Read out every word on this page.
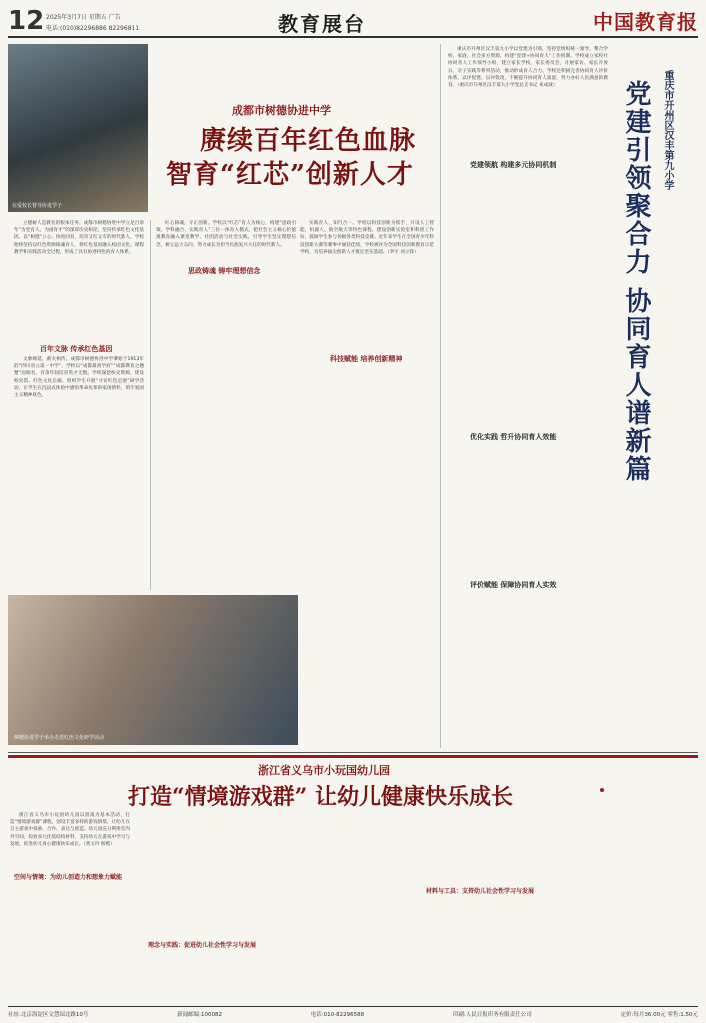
12 2025年3月7日 星期五 广告
电话:(010)82296886 82296811	教育展台	中国教育报
在爱校长督导协进学子
成都市树德协进中学
赓续百年红色血脉
智育“红芯”创新人才

立德树人是教育的根本任务。成都市树德协进中学立足百余年“为党育人、为国育才”的深厚历史积淀，坚持传承红色文化基因，以“树德”立心、协进同育，培育又红又专的时代新人。学校始终坚持以红色资源铸魂育人，将红色基因融入校园文化、课程教学和实践活动全过程，形成了具有协进特色的育人体系。

百年文脉 传承红色基因

文脉绵延，薪火相传。成都市树德协进中学肇始于1913年的“四川省立第一中学”，学校以“成都最高学府”“成都教育之翘楚”而闻名，百余年间培育英才无数。学校深挖校史资源，建设校史馆、红色文化长廊，组织学生开展“寻访红色足迹”研学活动，让学生在沉浸式体验中感悟革命先辈的家国情怀，筑牢爱国主义精神底色。

红心铸魂，守正创新。学校以“红芯”育人为核心，构建“思政引领、学科融合、实践育人”三位一体育人模式，把社会主义核心价值观教育融入课堂教学、社团活动与社会实践，引导学生坚定理想信念，树立远大志向，努力成长为担当民族复兴大任的时代新人。

思政铸魂 铸牢理想信念

实践育人，知行合一。学校以科技创新为抓手，开设人工智能、机器人、航空航天等特色课程，建设创新实验室和科创工作坊，鼓励学生参与各级各类科技竞赛。近年来学生在全国青少年科技创新大赛等赛事中屡获佳绩，学校被评为全国科技创新教育示范学校，为培养拔尖创新人才奠定坚实基础。（李宇 刘立锋）

科技赋能 培养创新精神
树德协进学子举办走进红色文化研学活动
重庆市开州区汉丰第九小学
党建引领聚合力 协同育人谱新篇

重庆市开州区汉丰第九小学以党建为引领，坚持党组织统一领导，整合学校、家庭、社会多方资源，构建“党建+协同育人”工作机制。学校成立家校社协同育人工作领导小组，建立家长学校、家长委员会，开展家访、家长开放日、亲子实践等系列活动，推动形成育人合力。学校还积极完善协同育人评价体系，以评促建、以评促改，不断提升协同育人质量，努力办好人民满意的教育。（重庆市开州区汉丰第九小学党总支书记 朱成波）

党建领航 构建多元协同机制
优化实践 哲升协同育人效能
评价赋能 保障协同育人实效
浙江省义乌市小玩国幼儿园
打造“情境游戏群” 让幼儿健康快乐成长

浙江省义乌市小玩国幼儿园以游戏为基本活动，打造“情境游戏群”课程，创设丰富多样的游戏情境，让幼儿在自主游戏中探索、合作、表达与创造。幼儿园充分利用室内外空间，投放多元化低结构材料，支持幼儿在游戏中学习与发展，促进幼儿身心健康快乐成长。（黄玉玲 杨熙）

空间与情境：为幼儿创造力和想象力赋能
理念与实践：促进幼儿社会性学习与发展
材料与工具：支持幼儿社会性学习与发展
社址:北京海淀区文慧园北路10号	新闻邮编:100082	电话:010-82296588	印刷:人民日报印务有限责任公司	定价:每月36.00元 零售:1.50元
